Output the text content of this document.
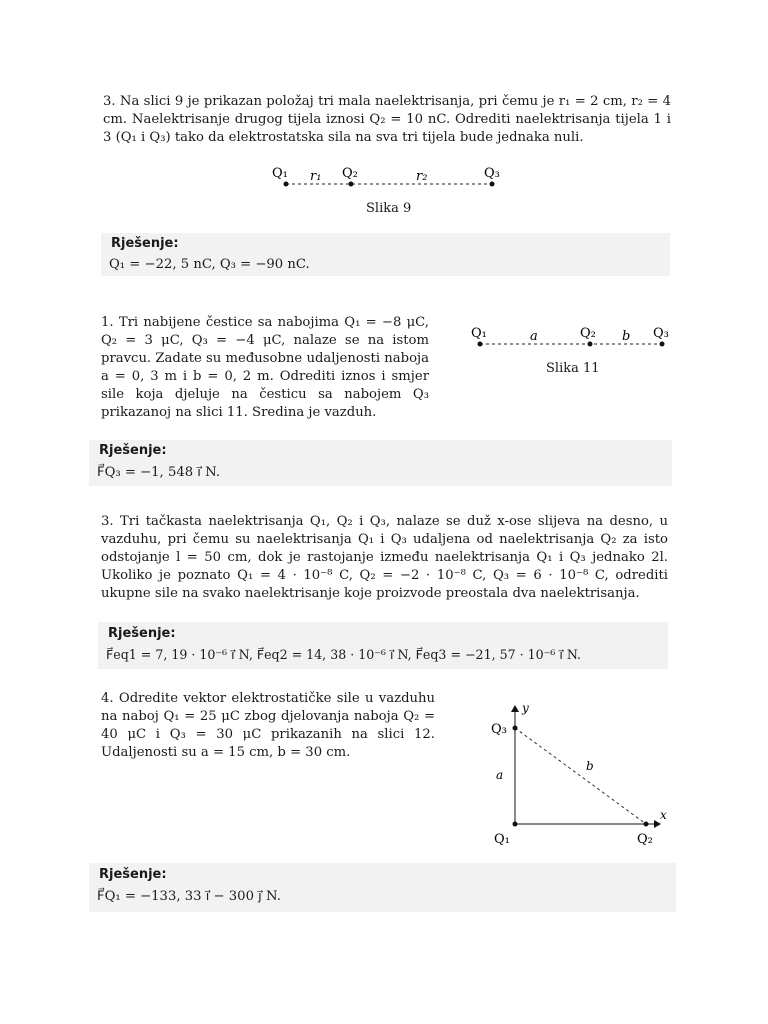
3. Na slici 9 je prikazan položaj tri mala naelektrisanja, pri čemu je r₁ = 2 cm, r₂ = 4 cm. Naelektrisanje drugog tijela iznosi Q₂ = 10 nC. Odrediti naelektrisanja tijela 1 i 3 (Q₁ i Q₃) tako da elektrostatska sila na sva tri tijela bude jednaka nuli.

Q₁ r₁ Q₂	r₂	Q₃
Slika 9
Rješenje:
Q₁ = −22, 5 nC, Q₃ = −90 nC.

1. Tri nabijene čestice sa nabojima Q₁ = −8 μC, Q₂ = 3 μC, Q₃ = −4 μC, nalaze se na istom pravcu. Zadate su međusobne udaljenosti naboja a = 0, 3 m i b = 0, 2 m. Odrediti iznos i smjer sile koja djeluje na česticu sa nabojem Q₃ prikazanoj na slici 11. Sredina je vazduh.

Q₁	a	Q₂ b Q₃
Slika 11
Rješenje:
F⃗Q₃ = −1, 548 i⃗ N.

3. Tri tačkasta naelektrisanja Q₁, Q₂ i Q₃, nalaze se duž x-ose slijeva na desno, u vazduhu, pri čemu su naelektrisanja Q₁ i Q₃ udaljena od naelektrisanja Q₂ za isto odstojanje l = 50 cm, dok je rastojanje između naelektrisanja Q₁ i Q₃ jednako 2l. Ukoliko je poznato Q₁ = 4 · 10⁻⁸ C, Q₂ = −2 · 10⁻⁸ C, Q₃ = 6 · 10⁻⁸ C, odrediti ukupne sile na svako naelektrisanje koje proizvode preostala dva naelektrisanja.

Rješenje:
F⃗eq1 = 7, 19 · 10⁻⁶ i⃗ N, F⃗eq2 = 14, 38 · 10⁻⁶ i⃗ N, F⃗eq3 = −21, 57 · 10⁻⁶ i⃗ N.

4. Odredite vektor elektrostatičke sile u vazduhu na naboj Q₁ = 25 μC zbog djelovanja naboja Q₂ = 40 μC i Q₃ = 30 μC prikazanih na slici 12. Udaljenosti su a = 15 cm, b = 30 cm.

y
x
Q₃
a
b
Q₁	Q₂
Rješenje:
F⃗Q₁ = −133, 33 i⃗ − 300 j⃗ N.
